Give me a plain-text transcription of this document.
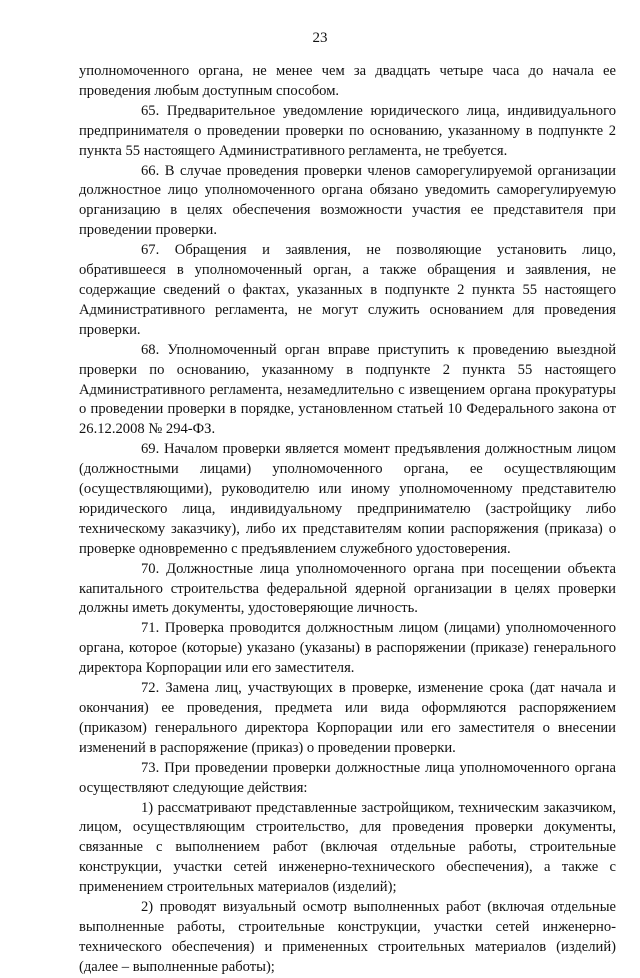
23

уполномоченного органа, не менее чем за двадцать четыре часа до начала ее проведения любым доступным способом.

65. Предварительное уведомление юридического лица, индивидуального предпринимателя о проведении проверки по основанию, указанному в подпункте 2 пункта 55 настоящего Административного регламента, не требуется.

66. В случае проведения проверки членов саморегулируемой организации должностное лицо уполномоченного органа обязано уведомить саморегулируемую организацию в целях обеспечения возможности участия ее представителя при проведении проверки.

67. Обращения и заявления, не позволяющие установить лицо, обратившееся в уполномоченный орган, а также обращения и заявления, не содержащие сведений о фактах, указанных в подпункте 2 пункта 55 настоящего Административного регламента, не могут служить основанием для проведения проверки.

68. Уполномоченный орган вправе приступить к проведению выездной проверки по основанию, указанному в подпункте 2 пункта 55 настоящего Административного регламента, незамедлительно с извещением органа прокуратуры о проведении проверки в порядке, установленном статьей 10 Федерального закона от 26.12.2008 № 294-ФЗ.

69. Началом проверки является момент предъявления должностным лицом (должностными лицами) уполномоченного органа, ее осуществляющим (осуществляющими), руководителю или иному уполномоченному представителю юридического лица, индивидуальному предпринимателю (застройщику либо техническому заказчику), либо их представителям копии распоряжения (приказа) о проверке одновременно с предъявлением служебного удостоверения.

70. Должностные лица уполномоченного органа при посещении объекта капитального строительства федеральной ядерной организации в целях проверки должны иметь документы, удостоверяющие личность.

71. Проверка проводится должностным лицом (лицами) уполномоченного органа, которое (которые) указано (указаны) в распоряжении (приказе) генерального директора Корпорации или его заместителя.

72. Замена лиц, участвующих в проверке, изменение срока (дат начала и окончания) ее проведения, предмета или вида оформляются распоряжением (приказом) генерального директора Корпорации или его заместителя о внесении изменений в распоряжение (приказ) о проведении проверки.

73. При проведении проверки должностные лица уполномоченного органа осуществляют следующие действия:

1) рассматривают представленные застройщиком, техническим заказчиком, лицом, осуществляющим строительство, для проведения проверки документы, связанные с выполнением работ (включая отдельные работы, строительные конструкции, участки сетей инженерно-технического обеспечения), а также с применением строительных материалов (изделий);

2) проводят визуальный осмотр выполненных работ (включая отдельные выполненные работы, строительные конструкции, участки сетей инженерно-технического обеспечения) и примененных строительных материалов (изделий) (далее – выполненные работы);
